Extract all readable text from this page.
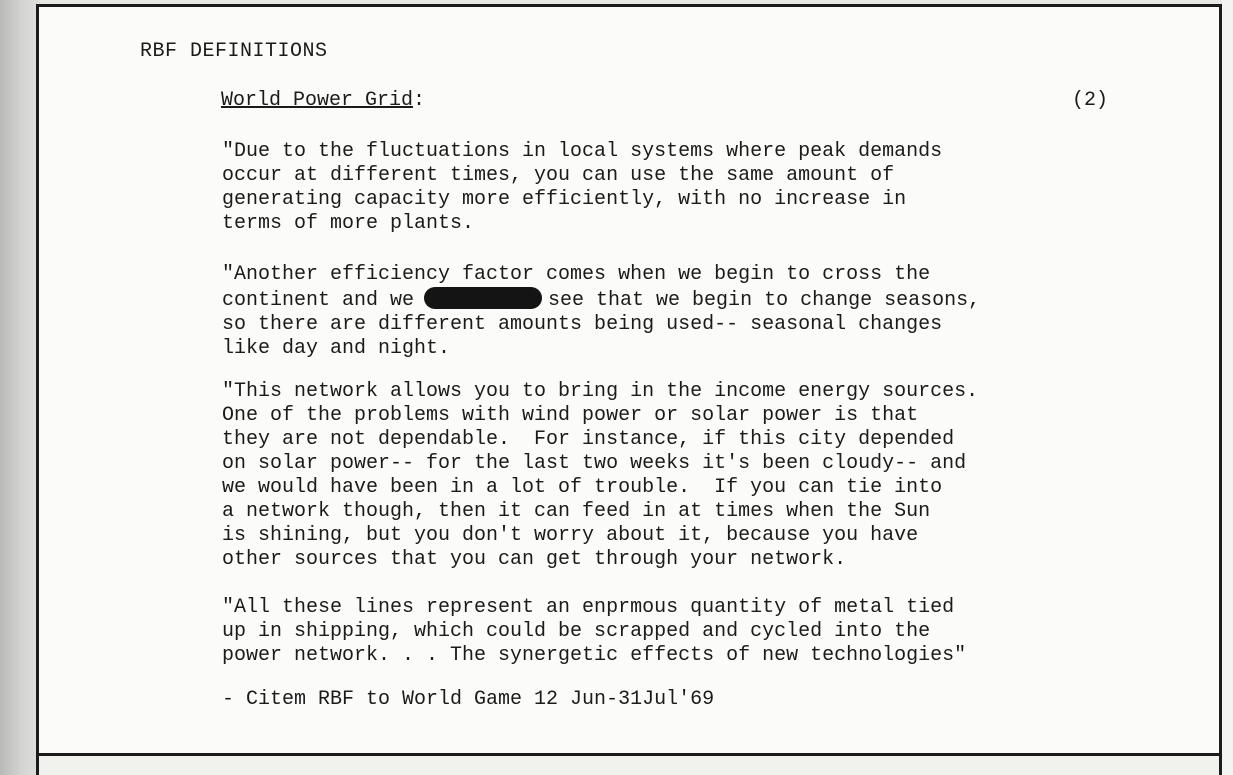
RBF DEFINITIONS
World Power Grid:	(2)
"Due to the fluctuations in local systems where peak demands
occur at different times, you can use the same amount of
generating capacity more efficiently, with no increase in
terms of more plants.
"Another efficiency factor comes when we begin to cross the
continent and we	see that we begin to change seasons,
so there are different amounts being used-- seasonal changes
like day and night.
"This network allows you to bring in the income energy sources.
One of the problems with wind power or solar power is that
they are not dependable.  For instance, if this city depended
on solar power-- for the last two weeks it's been cloudy-- and
we would have been in a lot of trouble.  If you can tie into
a network though, then it can feed in at times when the Sun
is shining, but you don't worry about it, because you have
other sources that you can get through your network.
"All these lines represent an enprmous quantity of metal tied
up in shipping, which could be scrapped and cycled into the
power network. . . The synergetic effects of new technologies"
- Citem RBF to World Game 12 Jun-31Jul'69
